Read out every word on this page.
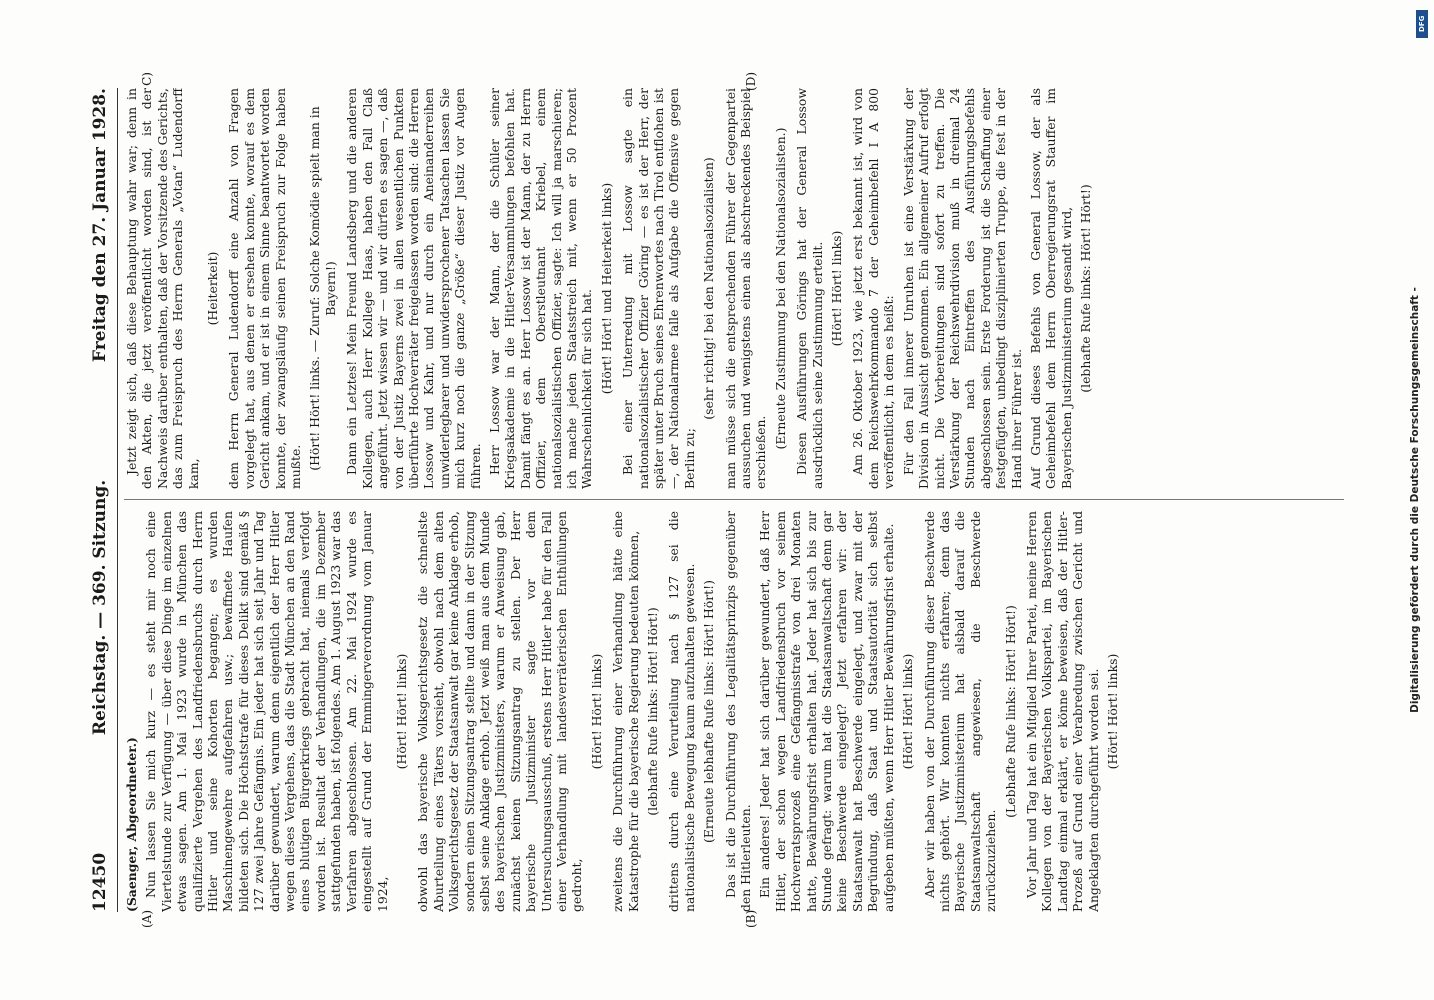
12450
Reichstag. — 369. Sitzung.
Freitag den 27. Januar 1928.
(A)	(B)
C)	(D)

(Saenger, Abgeordneter.) Nun lassen Sie mich kurz — es steht mir noch eine Viertelstunde zur Verfügung — über diese Dinge im einzelnen etwas sagen. Am 1. Mai 1923 wurde in München das qualifizierte Vergehen des Landfriedensbruchs durch Herrn Hitler und seine Kohorten begangen; es wurden Maschinengewehre aufgefahren usw.; bewaffnete Haufen bildeten sich. Die Höchststrafe für dieses Delikt sind gemäß § 127 zwei Jahre Gefängnis. Ein jeder hat sich seit Jahr und Tag darüber gewundert, warum denn eigentlich der Herr Hitler wegen dieses Vergehens, das die Stadt München an den Rand eines blutigen Bürgerkriegs gebracht hat, niemals verfolgt worden ist. Resultat der Verhandlungen, die im Dezember stattgefunden haben, ist folgendes. Am 1. August 1923 war das Verfahren abgeschlossen. Am 22. Mai 1924 wurde es eingestellt auf Grund der Emmingerverordnung vom Januar 1924,

(Hört! Hört! links) obwohl das bayerische Volksgerichtsgesetz die schnellste Aburteilung eines Täters vorsieht, obwohl nach dem alten Volksgerichtsgesetz der Staatsanwalt gar keine Anklage erhob, sondern einen Sitzungsantrag stellte und dann in der Sitzung selbst seine Anklage erhob. Jetzt weiß man aus dem Munde des bayerischen Justizministers, warum er Anweisung gab, zunächst keinen Sitzungsantrag zu stellen. Der Herr bayerische Justizminister sagte vor dem Untersuchungsausschuß, erstens Herr Hitler habe für den Fall einer Verhandlung mit landesverräterischen Enthüllungen gedroht,

(Hört! Hört! links) zweitens die Durchführung einer Verhandlung hätte eine Katastrophe für die bayerische Regierung bedeuten können, (lebhafte Rufe links: Hört! Hört!) drittens durch eine Verurteilung nach § 127 sei die nationalistische Bewegung kaum aufzuhalten gewesen. (Erneute lebhafte Rufe links: Hört! Hört!) Das ist die Durchführung des Legalitätsprinzips gegenüber den Hitlerleuten. Ein anderes! Jeder hat sich darüber gewundert, daß Herr Hitler, der schon wegen Landfriedensbruch vor seinem Hochverratsprozeß eine Gefängnisstrafe von drei Monaten hatte, Bewährungsfrist erhalten hat. Jeder hat sich bis zur Stunde gefragt: warum hat die Staatsanwaltschaft denn gar keine Beschwerde eingelegt? Jetzt erfahren wir: der Staatsanwalt hat Beschwerde eingelegt, und zwar mit der Begründung, daß Staat und Staatsautorität sich selbst aufgeben müßten, wenn Herr Hitler Bewährungsfrist erhalte. (Hört! Hört! links) Aber wir haben von der Durchführung dieser Beschwerde nichts gehört. Wir konnten nichts erfahren; denn das Bayerische Justizministerium hat alsbald darauf die Staatsanwaltschaft angewiesen, die Beschwerde zurückzuziehen.

(Lebhafte Rufe links: Hört! Hört!) Vor Jahr und Tag hat ein Mitglied Ihrer Partei, meine Herren Kollegen von der Bayerischen Volkspartei, im Bayerischen Landtag einmal erklärt, er könne beweisen, daß der Hitler-Prozeß auf Grund einer Verabredung zwischen Gericht und Angeklagten durchgeführt worden sei. (Hört! Hört! links)

Jetzt zeigt sich, daß diese Behauptung wahr war; denn in den Akten, die jetzt veröffentlicht worden sind, ist der Nachweis darüber enthalten, daß der Vorsitzende des Gerichts, das zum Freispruch des Herrn Generals „Votan“ Ludendorff kam,

(Heiterkeit) dem Herrn General Ludendorff eine Anzahl von Fragen vorgelegt hat, aus denen er ersehen konnte, worauf es dem Gericht ankam, und er ist in einem Sinne beantwortet worden konnte, der zwangsläufig seinen Freispruch zur Folge haben mußte. (Hört! Hört! links. — Zuruf: Solche Komödie spielt man in Bayern!) Dann ein Letztes! Mein Freund Landsberg und die anderen Kollegen, auch Herr Kollege Haas, haben den Fall Claß angeführt. Jetzt wissen wir — und wir dürfen es sagen —, daß von der Justiz Bayerns zwei in allen wesentlichen Punkten überführte Hochverräter freigelassen worden sind: die Herren Lossow und Kahr, und nur durch ein Aneinanderreihen unwiderlegbarer und unwidersprochener Tatsachen lassen Sie mich kurz noch die ganze „Größe“ dieser Justiz vor Augen führen. Herr Lossow war der Mann, der die Schüler seiner Kriegsakademie in die Hitler-Versammlungen befohlen hat. Damit fängt es an. Herr Lossow ist der Mann, der zu Herrn Offizier, dem Oberstleutnant Kriebel, einem nationalsozialistischen Offizier, sagte: Ich will ja marschieren; ich mache jeden Staatsstreich mit, wenn er 50 Prozent Wahrscheinlichkeit für sich hat. (Hört! Hört! und Heiterkeit links) Bei einer Unterredung mit Lossow sagte ein nationalsozialistischer Offizier Göring — es ist der Herr, der später unter Bruch seines Ehrenwortes nach Tirol entflohen ist —, der Nationalarmee falle als Aufgabe die Offensive gegen Berlin zu;

(sehr richtig! bei den Nationalsozialisten) man müsse sich die entsprechenden Führer der Gegenpartei aussuchen und wenigstens einen als abschreckendes Beispiel erschießen.

(Erneute Zustimmung bei den Nationalsozialisten.) Diesen Ausführungen Görings hat der General Lossow ausdrücklich seine Zustimmung erteilt. (Hört! Hört! links) Am 26. Oktober 1923, wie jetzt erst bekannt ist, wird von dem Reichswehrkommando 7 der Geheimbefehl I A 800 veröffentlicht, in dem es heißt: Für den Fall innerer Unruhen ist eine Verstärkung der Division in Aussicht genommen. Ein allgemeiner Aufruf erfolgt nicht. Die Vorbereitungen sind sofort zu treffen. Die Verstärkung der Reichswehrdivision muß in dreimal 24 Stunden nach Eintreffen des Ausführungsbefehls abgeschlossen sein. Erste Forderung ist die Schaffung einer festgefügten, unbedingt disziplinierten Truppe, die fest in der Hand ihrer Führer ist. Auf Grund dieses Befehls von General Lossow, der als Geheimbefehl dem Herrn Oberregierungsrat Stauffer im Bayerischen Justizministerium gesandt wird, (lebhafte Rufe links: Hört! Hört!)	Digitalisierung gefördert durch die Deutsche Forschungsgemeinschaft -
DFG
